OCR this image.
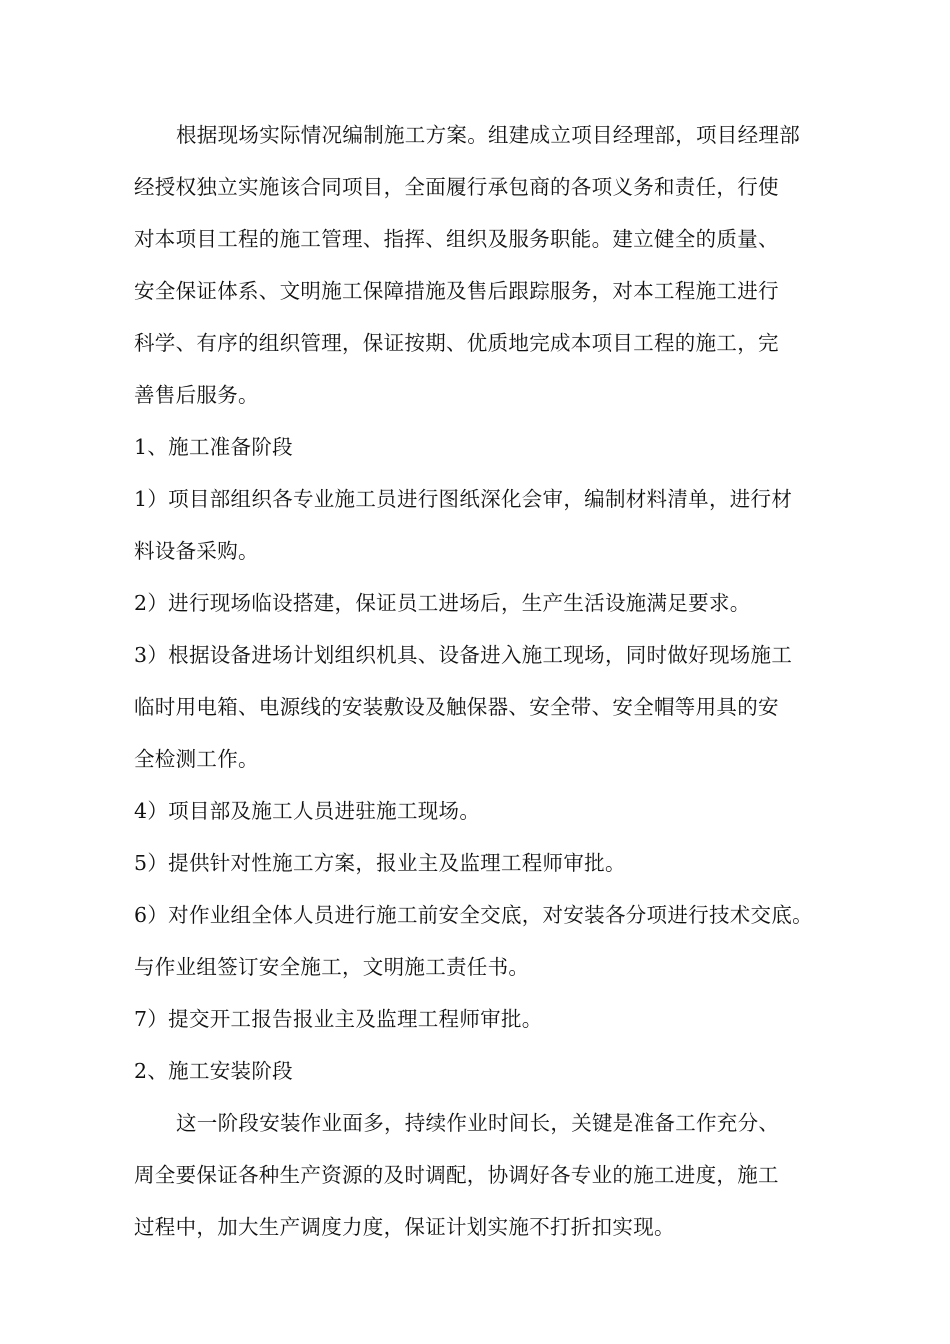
根据现场实际情况编制施工方案。组建成立项目经理部，项目经理部
经授权独立实施该合同项目，全面履行承包商的各项义务和责任，行使
对本项目工程的施工管理、指挥、组织及服务职能。建立健全的质量、
安全保证体系、文明施工保障措施及售后跟踪服务，对本工程施工进行
科学、有序的组织管理，保证按期、优质地完成本项目工程的施工，完
善售后服务。
1、施工准备阶段
1）项目部组织各专业施工员进行图纸深化会审，编制材料清单，进行材
料设备采购。
2）进行现场临设搭建，保证员工进场后，生产生活设施满足要求。
3）根据设备进场计划组织机具、设备进入施工现场，同时做好现场施工
临时用电箱、电源线的安装敷设及触保器、安全带、安全帽等用具的安
全检测工作。
4）项目部及施工人员进驻施工现场。
5）提供针对性施工方案，报业主及监理工程师审批。
6）对作业组全体人员进行施工前安全交底，对安装各分项进行技术交底。
与作业组签订安全施工，文明施工责任书。
7）提交开工报告报业主及监理工程师审批。
2、施工安装阶段
这一阶段安装作业面多，持续作业时间长，关键是准备工作充分、
周全要保证各种生产资源的及时调配，协调好各专业的施工进度，施工
过程中，加大生产调度力度，保证计划实施不打折扣实现。
